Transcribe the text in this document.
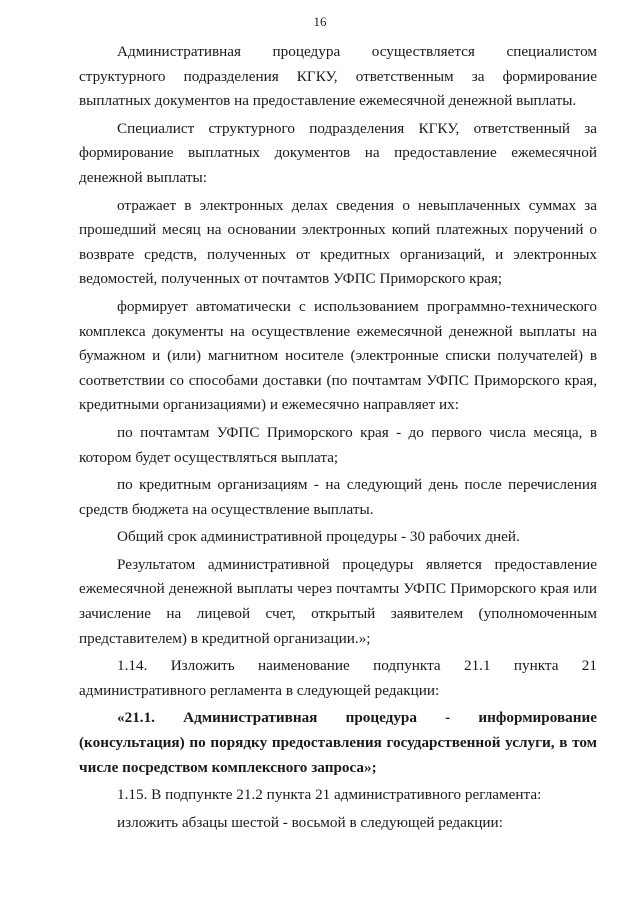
16

Административная процедура осуществляется специалистом структурного подразделения КГКУ, ответственным за формирование выплатных документов на предоставление ежемесячной денежной выплаты.

Специалист структурного подразделения КГКУ, ответственный за формирование выплатных документов на предоставление ежемесячной денежной выплаты:

отражает в электронных делах сведения о невыплаченных суммах за прошедший месяц на основании электронных копий платежных поручений о возврате средств, полученных от кредитных организаций, и электронных ведомостей, полученных от почтамтов УФПС Приморского края;

формирует автоматически с использованием программно-технического комплекса документы на осуществление ежемесячной денежной выплаты на бумажном и (или) магнитном носителе (электронные списки получателей) в соответствии со способами доставки (по почтамтам УФПС Приморского края, кредитными организациями) и ежемесячно направляет их:

по почтамтам УФПС Приморского края - до первого числа месяца, в котором будет осуществляться выплата;

по кредитным организациям - на следующий день после перечисления средств бюджета на осуществление выплаты.

Общий срок административной процедуры - 30 рабочих дней.

Результатом административной процедуры является предоставление ежемесячной денежной выплаты через почтамты УФПС Приморского края или зачисление на лицевой счет, открытый заявителем (уполномоченным представителем) в кредитной организации.»;

1.14. Изложить наименование подпункта 21.1 пункта 21 административного регламента в следующей редакции:

«21.1. Административная процедура - информирование (консультация) по порядку предоставления государственной услуги, в том числе посредством комплексного запроса»;

1.15. В подпункте 21.2 пункта 21 административного регламента:

изложить абзацы шестой - восьмой в следующей редакции:
